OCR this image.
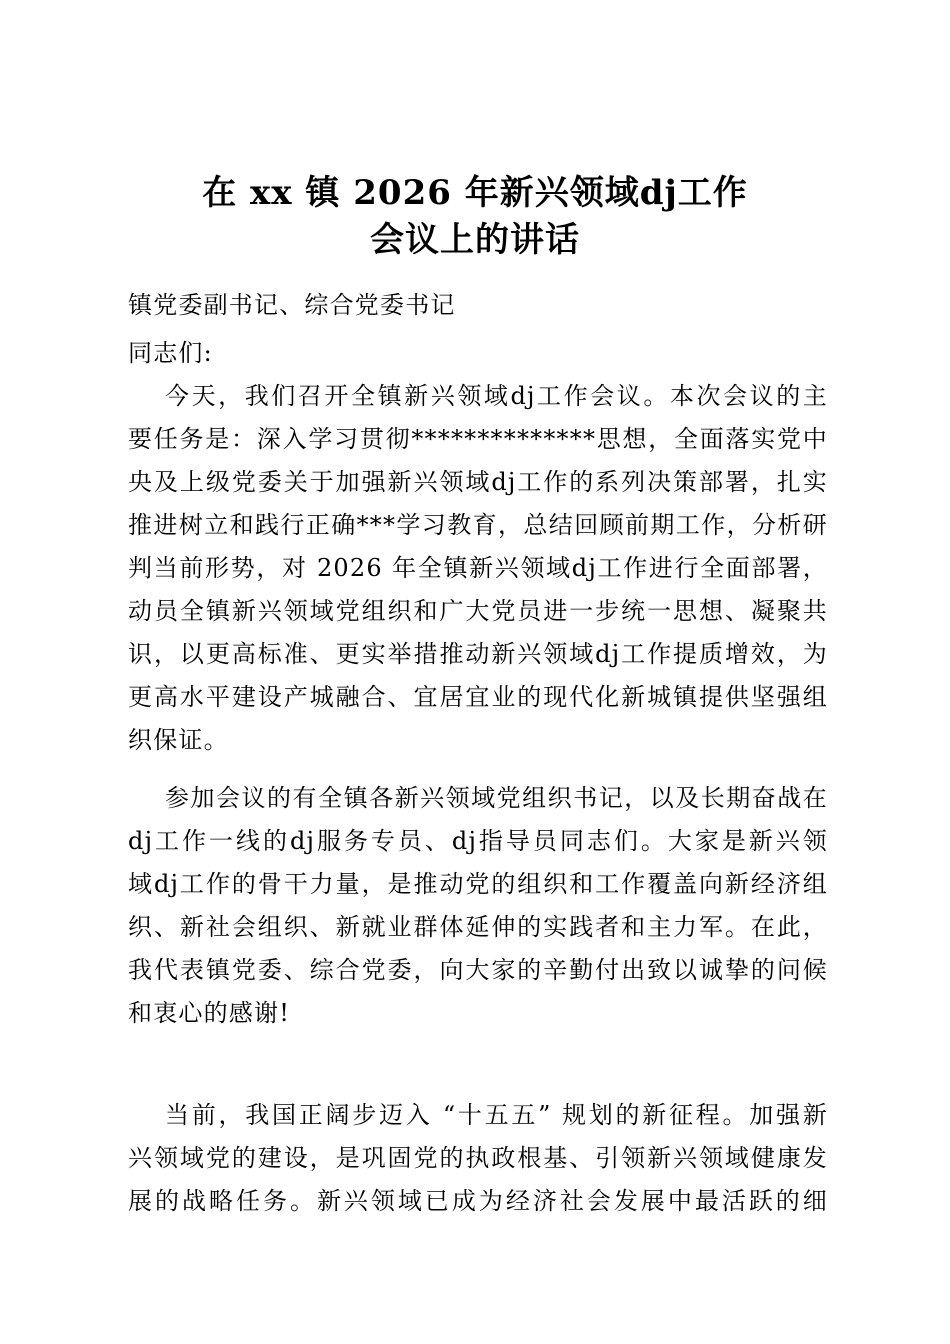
在 xx 镇 2026 年新兴领域dj工作
会议上的讲话
镇党委副书记、综合党委书记
同志们:
今天，我们召开全镇新兴领域dj工作会议。本次会议的主
要任务是：深入学习贯彻**************思想，全面落实党中
央及上级党委关于加强新兴领域dj工作的系列决策部署，扎实
推进树立和践行正确***学习教育，总结回顾前期工作，分析研
判当前形势，对 2026 年全镇新兴领域dj工作进行全面部署，
动员全镇新兴领域党组织和广大党员进一步统一思想、凝聚共
识，以更高标准、更实举措推动新兴领域dj工作提质增效，为
更高水平建设产城融合、宜居宜业的现代化新城镇提供坚强组
织保证。
参加会议的有全镇各新兴领域党组织书记，以及长期奋战在
dj工作一线的dj服务专员、dj指导员同志们。大家是新兴领
域dj工作的骨干力量，是推动党的组织和工作覆盖向新经济组
织、新社会组织、新就业群体延伸的实践者和主力军。在此，
我代表镇党委、综合党委，向大家的辛勤付出致以诚挚的问候
和衷心的感谢!
当前，我国正阔步迈入 “十五五” 规划的新征程。加强新
兴领域党的建设，是巩固党的执政根基、引领新兴领域健康发
展的战略任务。新兴领域已成为经济社会发展中最活跃的细
